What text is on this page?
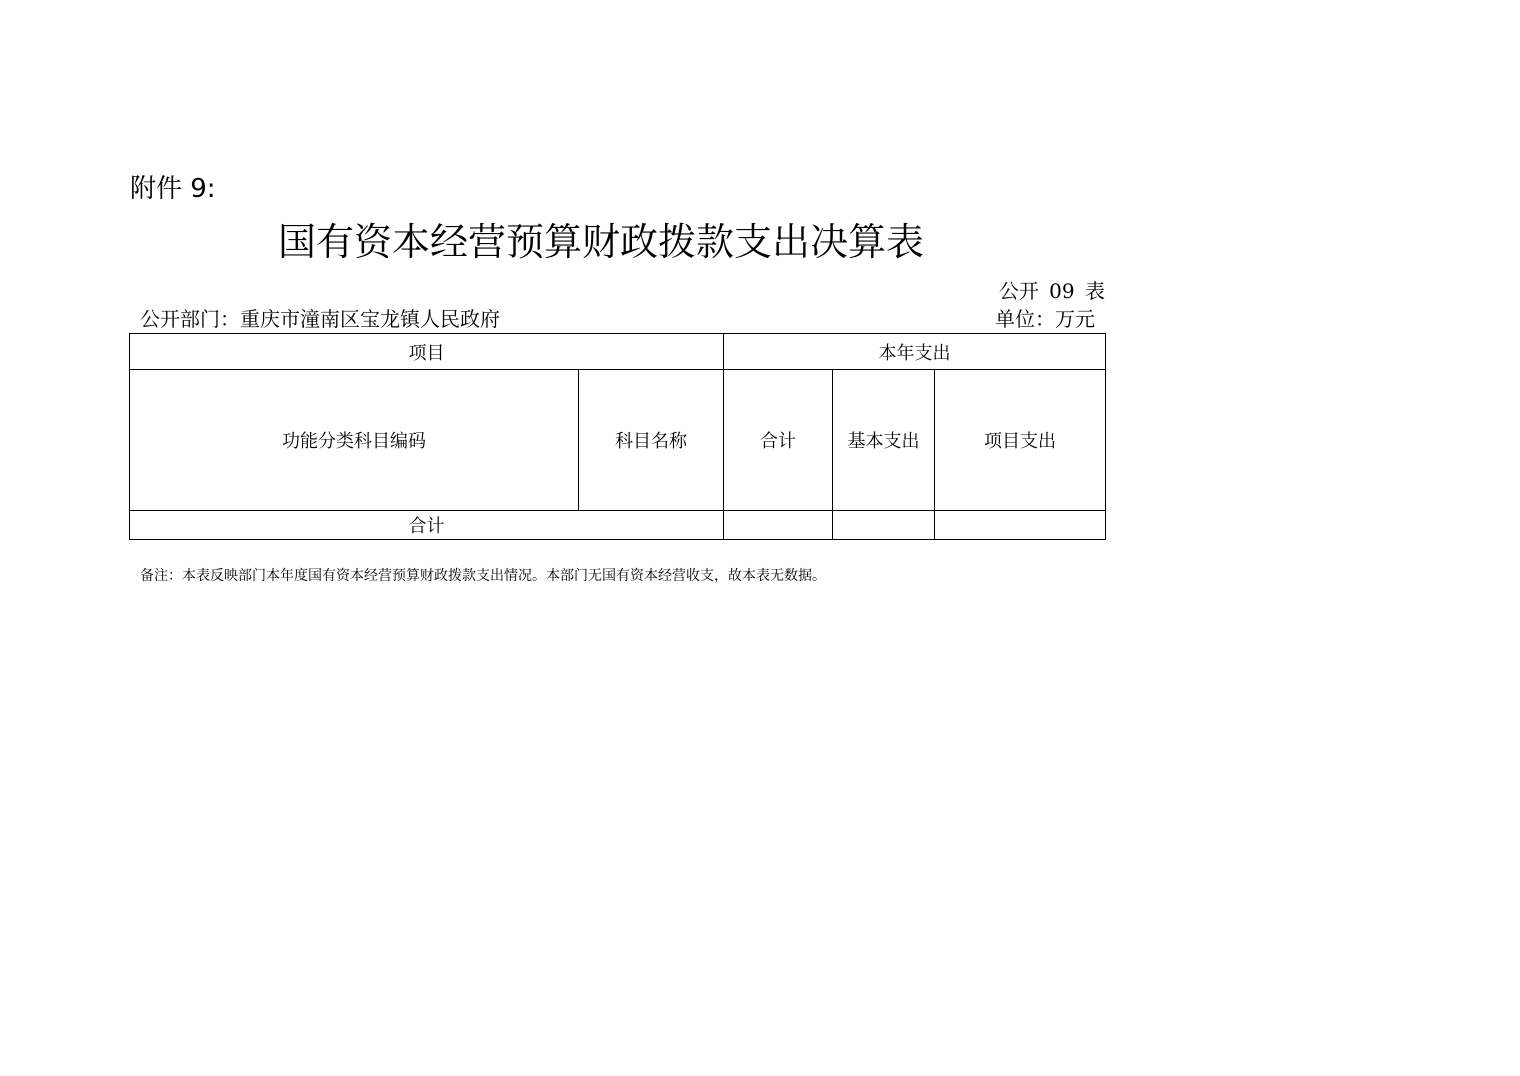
附件 9:
国有资本经营预算财政拨款支出决算表
公开 09 表
公开部门：重庆市潼南区宝龙镇人民政府	单位：万元
项目		本年支出		
功能分类科目编码	科目名称	合计	基本支出	项目支出
合计				
备注：本表反映部门本年度国有资本经营预算财政拨款支出情况。本部门无国有资本经营收支，故本表无数据。
